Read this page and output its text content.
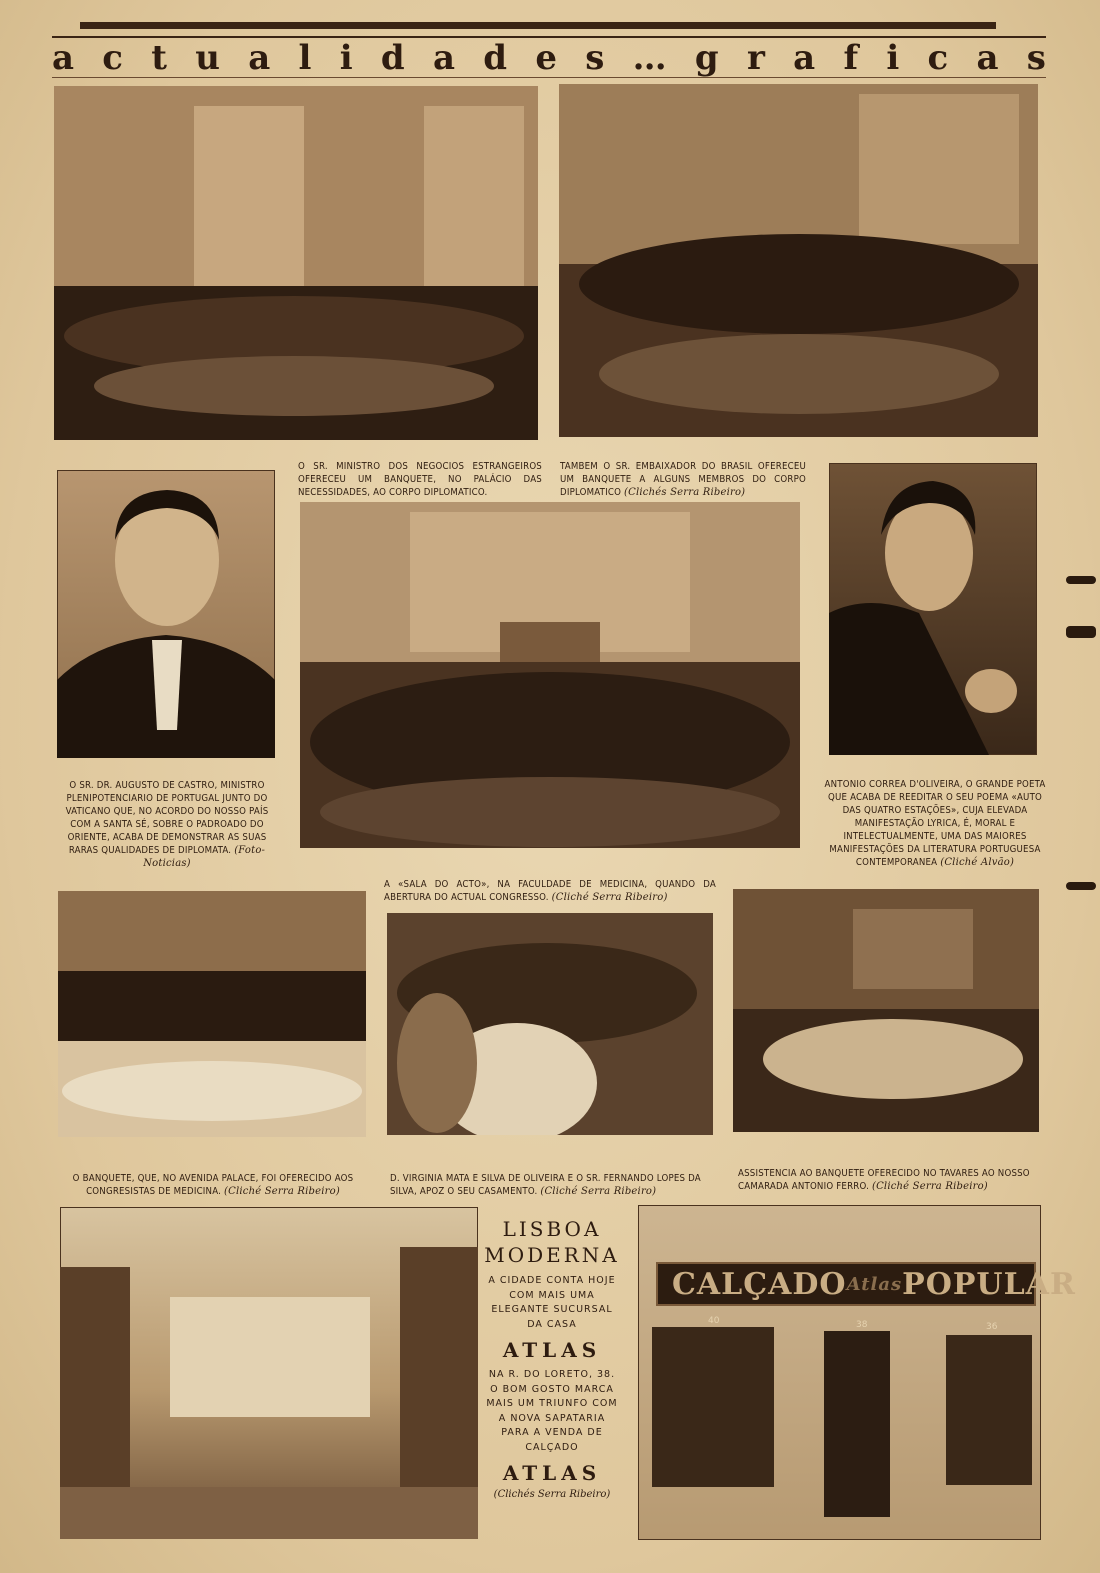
a c t u a l i d a d e s … g r a f i c a s

O SR. MINISTRO DOS NEGOCIOS ESTRANGEIROS OFERECEU UM BANQUETE, NO PALÁCIO DAS NECESSIDADES, AO CORPO DIPLOMATICO.

TAMBEM O SR. EMBAIXADOR DO BRASIL OFERECEU UM BANQUETE A ALGUNS MEMBROS DO CORPO DIPLOMATICO (Clichés Serra Ribeiro)

O SR. DR. AUGUSTO DE CASTRO, MINISTRO PLENIPOTENCIARIO DE PORTUGAL JUNTO DO VATICANO QUE, NO ACORDO DO NOSSO PAÍS COM A SANTA SÉ, SOBRE O PADROADO DO ORIENTE, ACABA DE DEMONSTRAR AS SUAS RARAS QUALIDADES DE DIPLOMATA. (Foto-Noticias)

ANTONIO CORREA D'OLIVEIRA, O GRANDE POETA QUE ACABA DE REEDITAR O SEU POEMA «AUTO DAS QUATRO ESTAÇÕES», CUJA ELEVADA MANIFESTAÇÃO LYRICA, É, MORAL E INTELECTUALMENTE, UMA DAS MAIORES MANIFESTAÇÕES DA LITERATURA PORTUGUESA CONTEMPORANEA (Cliché Alvão)

A «SALA DO ACTO», NA FACULDADE DE MEDICINA, QUANDO DA ABERTURA DO ACTUAL CONGRESSO. (Cliché Serra Ribeiro)

O BANQUETE, QUE, NO AVENIDA PALACE, FOI OFERECIDO AOS CONGRESISTAS DE MEDICINA. (Cliché Serra Ribeiro)

D. VIRGINIA MATA E SILVA DE OLIVEIRA E O SR. FERNANDO LOPES DA SILVA, APOZ O SEU CASAMENTO. (Cliché Serra Ribeiro)

ASSISTENCIA AO BANQUETE OFERECIDO NO TAVARES AO NOSSO CAMARADA ANTONIO FERRO. (Cliché Serra Ribeiro)

LISBOA
MODERNA

A CIDADE CONTA HOJE COM MAIS UMA ELEGANTE SUCURSAL DA CASA

ATLAS

NA R. DO LORETO, 38. O BOM GOSTO MARCA MAIS UM TRIUNFO COM A NOVA SAPATARIA PARA A VENDA DE CALÇADO

ATLAS

(Clichés Serra Ribeiro)

CALÇADO Atlas POPULAR
40	38	36
